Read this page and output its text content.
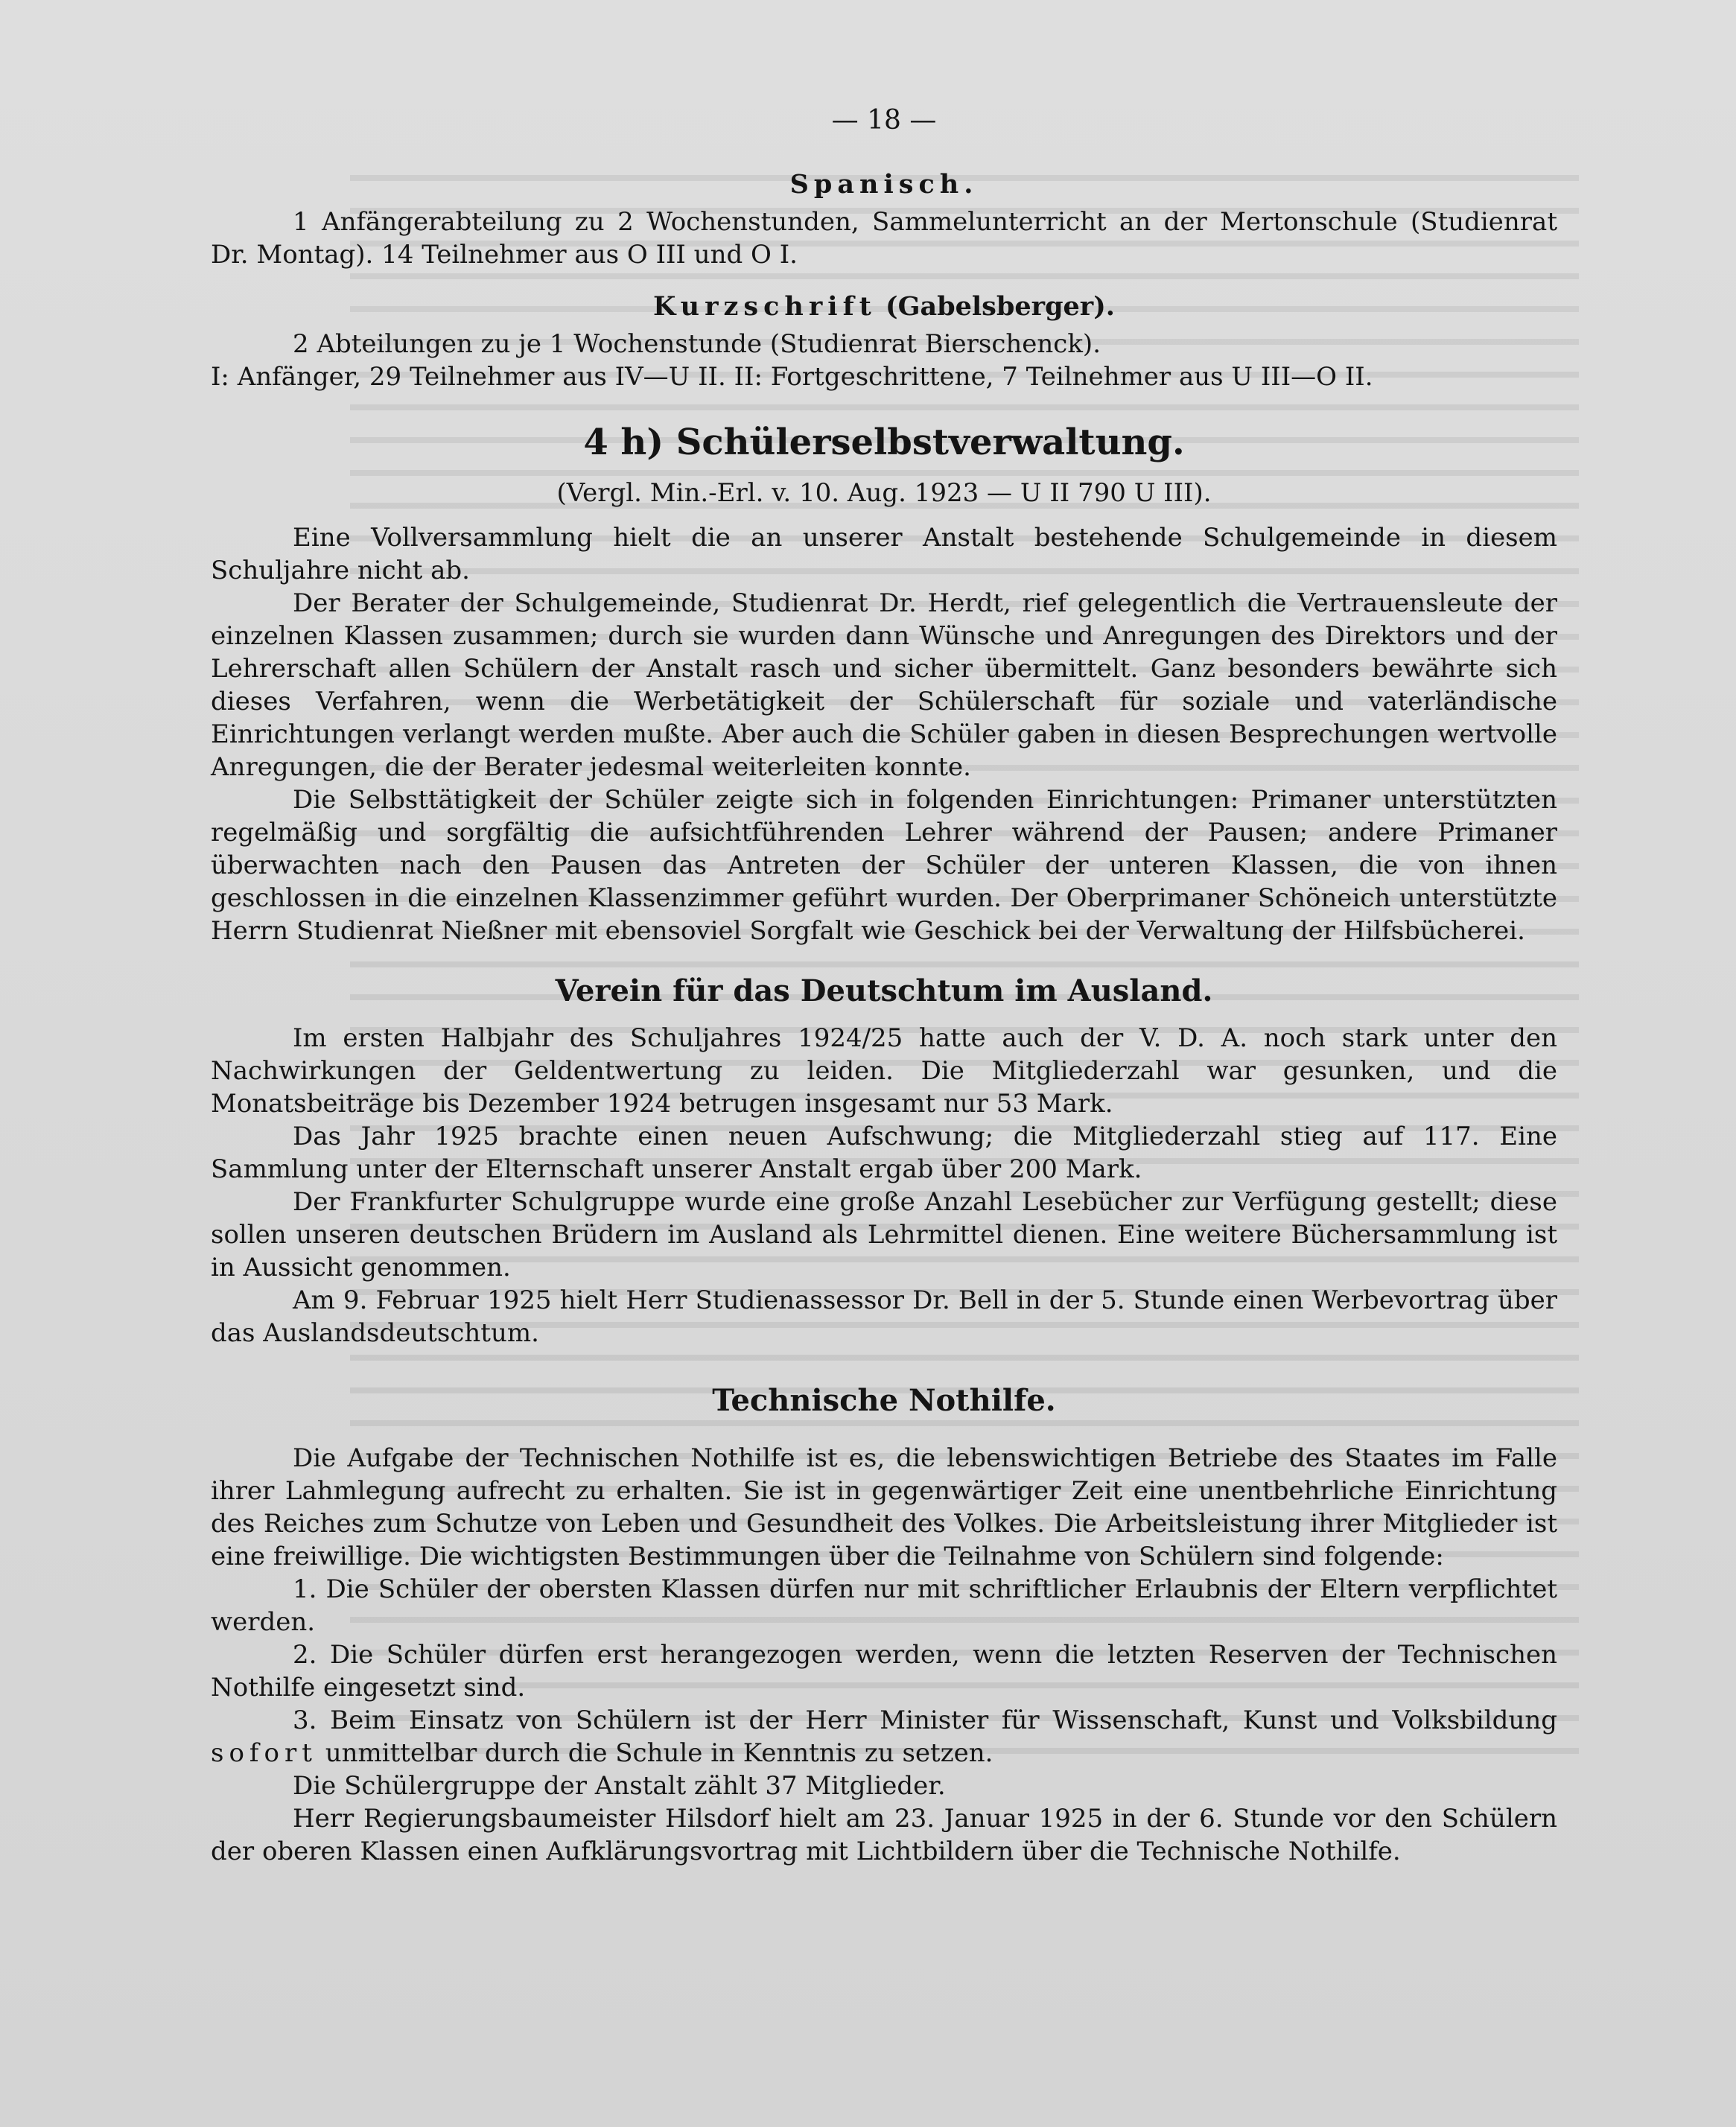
— 18 —
Spanisch.

1 Anfängerabteilung zu 2 Wochenstunden, Sammelunterricht an der Mertonschule (Studienrat Dr. Montag). 14 Teilnehmer aus O III und O I.

Kurzschrift (Gabelsberger).

2 Abteilungen zu je 1 Wochenstunde (Studienrat Bierschenck).

I: Anfänger, 29 Teilnehmer aus IV—U II. II: Fortgeschrittene, 7 Teilnehmer aus U III—O II.

4 h) Schülerselbstverwaltung.
(Vergl. Min.-Erl. v. 10. Aug. 1923 — U II 790 U III).

Eine Vollversammlung hielt die an unserer Anstalt bestehende Schulgemeinde in diesem Schuljahre nicht ab.

Der Berater der Schulgemeinde, Studienrat Dr. Herdt, rief gelegentlich die Vertrauensleute der einzelnen Klassen zusammen; durch sie wurden dann Wünsche und Anregungen des Direktors und der Lehrerschaft allen Schülern der Anstalt rasch und sicher übermittelt. Ganz besonders bewährte sich dieses Verfahren, wenn die Werbetätigkeit der Schülerschaft für soziale und vaterländische Einrichtungen verlangt werden mußte. Aber auch die Schüler gaben in diesen Besprechungen wertvolle Anregungen, die der Berater jedesmal weiterleiten konnte.

Die Selbsttätigkeit der Schüler zeigte sich in folgenden Einrichtungen: Primaner unterstützten regelmäßig und sorgfältig die aufsichtführenden Lehrer während der Pausen; andere Primaner überwachten nach den Pausen das Antreten der Schüler der unteren Klassen, die von ihnen geschlossen in die einzelnen Klassenzimmer geführt wurden. Der Oberprimaner Schöneich unterstützte Herrn Studienrat Nießner mit ebensoviel Sorgfalt wie Geschick bei der Verwaltung der Hilfsbücherei.

Verein für das Deutschtum im Ausland.

Im ersten Halbjahr des Schuljahres 1924/25 hatte auch der V. D. A. noch stark unter den Nachwirkungen der Geldentwertung zu leiden. Die Mitgliederzahl war gesunken, und die Monatsbeiträge bis Dezember 1924 betrugen insgesamt nur 53 Mark.

Das Jahr 1925 brachte einen neuen Aufschwung; die Mitgliederzahl stieg auf 117. Eine Sammlung unter der Elternschaft unserer Anstalt ergab über 200 Mark.

Der Frankfurter Schulgruppe wurde eine große Anzahl Lesebücher zur Verfügung gestellt; diese sollen unseren deutschen Brüdern im Ausland als Lehrmittel dienen. Eine weitere Büchersammlung ist in Aussicht genommen.

Am 9. Februar 1925 hielt Herr Studienassessor Dr. Bell in der 5. Stunde einen Werbevortrag über das Auslandsdeutschtum.

Technische Nothilfe.

Die Aufgabe der Technischen Nothilfe ist es, die lebenswichtigen Betriebe des Staates im Falle ihrer Lahmlegung aufrecht zu erhalten. Sie ist in gegenwärtiger Zeit eine unentbehrliche Einrichtung des Reiches zum Schutze von Leben und Gesundheit des Volkes. Die Arbeitsleistung ihrer Mitglieder ist eine freiwillige. Die wichtigsten Bestimmungen über die Teilnahme von Schülern sind folgende:

1. Die Schüler der obersten Klassen dürfen nur mit schriftlicher Erlaubnis der Eltern verpflichtet werden.

2. Die Schüler dürfen erst herangezogen werden, wenn die letzten Reserven der Technischen Nothilfe eingesetzt sind.

3. Beim Einsatz von Schülern ist der Herr Minister für Wissenschaft, Kunst und Volksbildung sofort unmittelbar durch die Schule in Kenntnis zu setzen.

Die Schülergruppe der Anstalt zählt 37 Mitglieder.

Herr Regierungsbaumeister Hilsdorf hielt am 23. Januar 1925 in der 6. Stunde vor den Schülern der oberen Klassen einen Aufklärungsvortrag mit Lichtbildern über die Technische Nothilfe.
